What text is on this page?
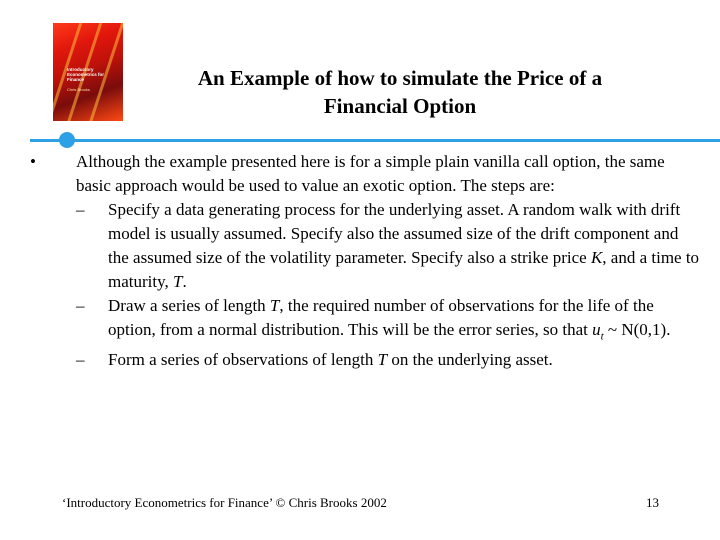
Introductory Econometrics for Finance
Chris Brooks	An Example of how to simulate the Price of a
Financial Option
• Although the example presented here is for a simple plain vanilla call option, the same basic approach would be used to value an exotic option. The steps are:
– Specify a data generating process for the underlying asset. A random walk with drift model is usually assumed. Specify also the assumed size of the drift component and the assumed size of the volatility parameter. Specify also a strike price K, and a time to maturity, T.
– Draw a series of length T, the required number of observations for the life of the option, from a normal distribution. This will be the error series, so that $u_t$ ~ N(0,1).
– Form a series of observations of length T on the underlying asset.
‘Introductory Econometrics for Finance’ © Chris Brooks 2002	13
